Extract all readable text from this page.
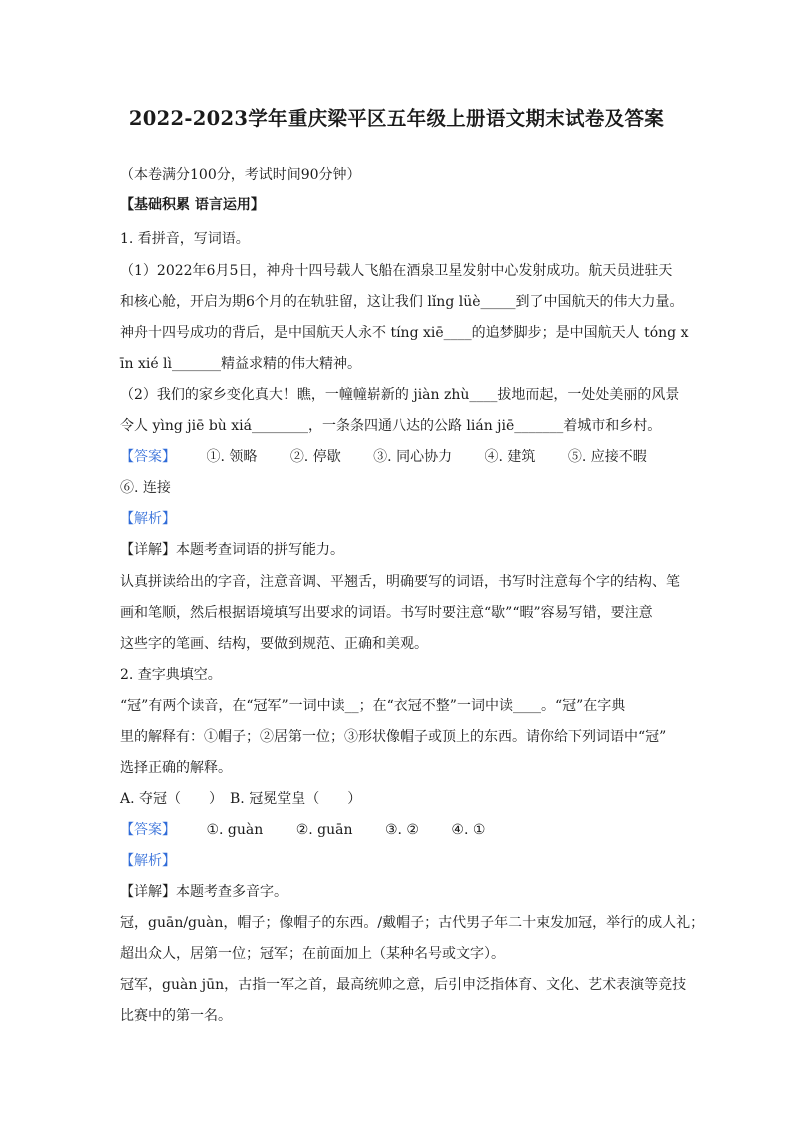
2022-2023学年重庆梁平区五年级上册语文期末试卷及答案
（本卷满分100分，考试时间90分钟）
【基础积累 语言运用】
1. 看拼音，写词语。
（1）2022年6月5日，神舟十四号载人飞船在酒泉卫星发射中心发射成功。航天员进驻天
和核心舱，开启为期6个月的在轨驻留，这让我们 lǐng lüè_____到了中国航天的伟大力量。
神舟十四号成功的背后，是中国航天人永不 tíng xiē____的追梦脚步；是中国航天人 tóng x
īn xié lì_______精益求精的伟大精神。
（2）我们的家乡变化真大！瞧，一幢幢崭新的 jiàn zhù____拔地而起，一处处美丽的风景
令人 yìng jiē bù xiá________，一条条四通八达的公路 lián jiē_______着城市和乡村。
【答案】 ①. 领略 ②. 停歇 ③. 同心协力 ④. 建筑 ⑤. 应接不暇
⑥. 连接
【解析】
【详解】本题考查词语的拼写能力。
认真拼读给出的字音，注意音调、平翘舌，明确要写的词语，书写时注意每个字的结构、笔
画和笔顺，然后根据语境填写出要求的词语。书写时要注意“歇”“暇”容易写错，要注意
这些字的笔画、结构，要做到规范、正确和美观。
2. 查字典填空。
“冠”有两个读音，在“冠军”一词中读__；在“衣冠不整”一词中读____。“冠”在字典
里的解释有：①帽子；②居第一位；③形状像帽子或顶上的东西。请你给下列词语中“冠”
选择正确的解释。
A. 夺冠（　　）　B. 冠冕堂皇（　　）
【答案】 ①. guàn ②. guān ③. ② ④. ①
【解析】
【详解】本题考查多音字。
冠，guān/guàn，帽子；像帽子的东西。/戴帽子；古代男子年二十束发加冠，举行的成人礼；
超出众人，居第一位；冠军；在前面加上（某种名号或文字）。
冠军，guàn jūn，古指一军之首，最高统帅之意，后引申泛指体育、文化、艺术表演等竞技
比赛中的第一名。
